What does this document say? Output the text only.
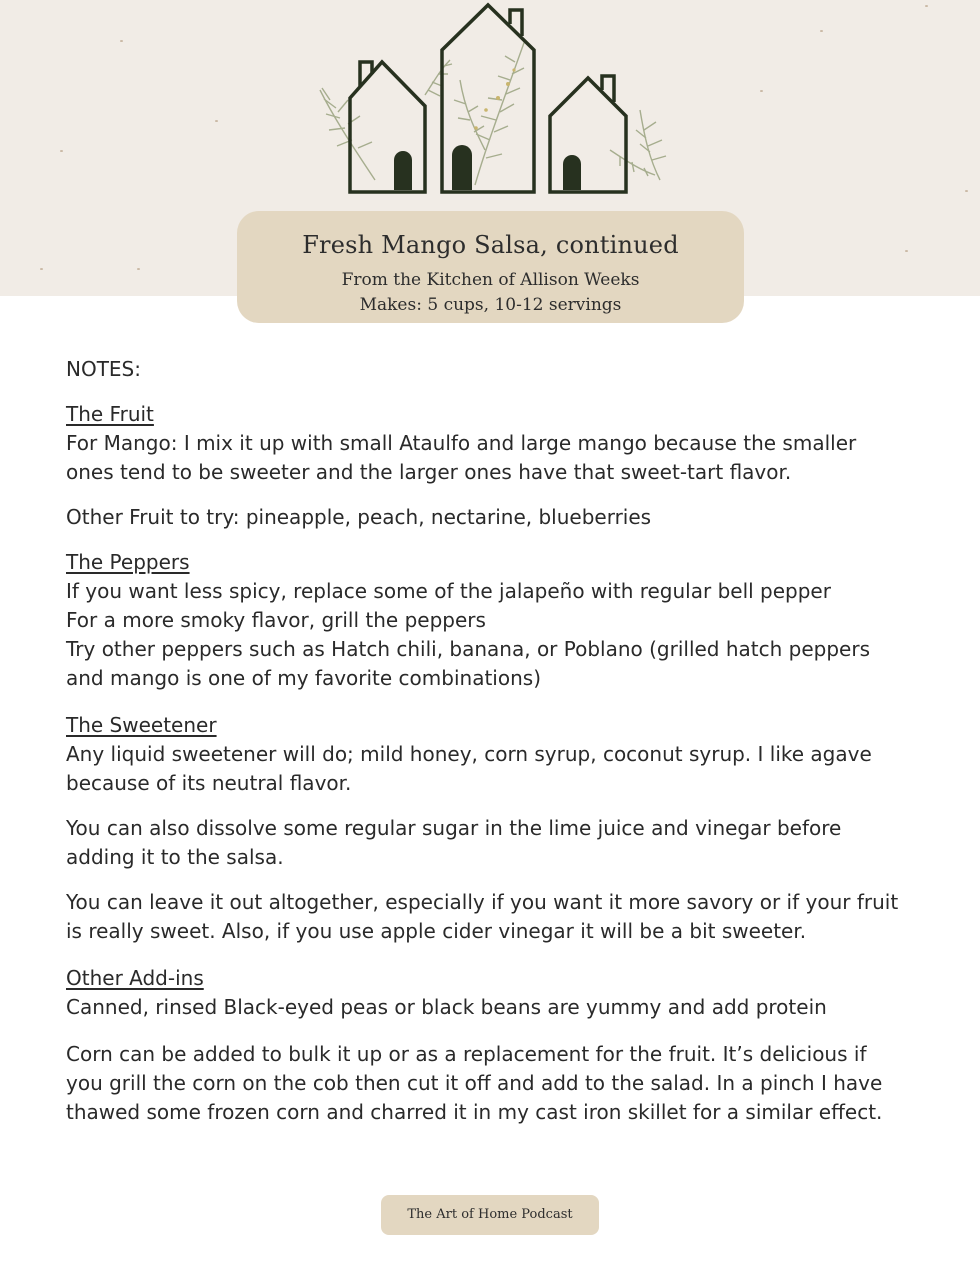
Fresh Mango Salsa, continued
From the Kitchen of Allison Weeks
Makes: 5 cups, 10-12 servings

NOTES:

The Fruit

For Mango: I mix it up with small Ataulfo and large mango because the smaller ones tend to be sweeter and the larger ones have that sweet-tart flavor.

Other Fruit to try: pineapple, peach, nectarine, blueberries

The Peppers

If you want less spicy, replace some of the jalapeño with regular bell pepper

For a more smoky flavor, grill the peppers

Try other peppers such as Hatch chili, banana, or Poblano (grilled hatch peppers and mango is one of my favorite combinations)

The Sweetener

Any liquid sweetener will do; mild honey, corn syrup, coconut syrup. I like agave because of its neutral flavor.

You can also dissolve some regular sugar in the lime juice and vinegar before adding it to the salsa.

You can leave it out altogether, especially if you want it more savory or if your fruit is really sweet. Also, if you use apple cider vinegar it will be a bit sweeter.

Other Add-ins

Canned, rinsed Black-eyed peas or black beans are yummy and add protein

Corn can be added to bulk it up or as a replacement for the fruit. It’s delicious if you grill the corn on the cob then cut it off and add to the salad. In a pinch I have thawed some frozen corn and charred it in my cast iron skillet for a similar effect.

The Art of Home Podcast
